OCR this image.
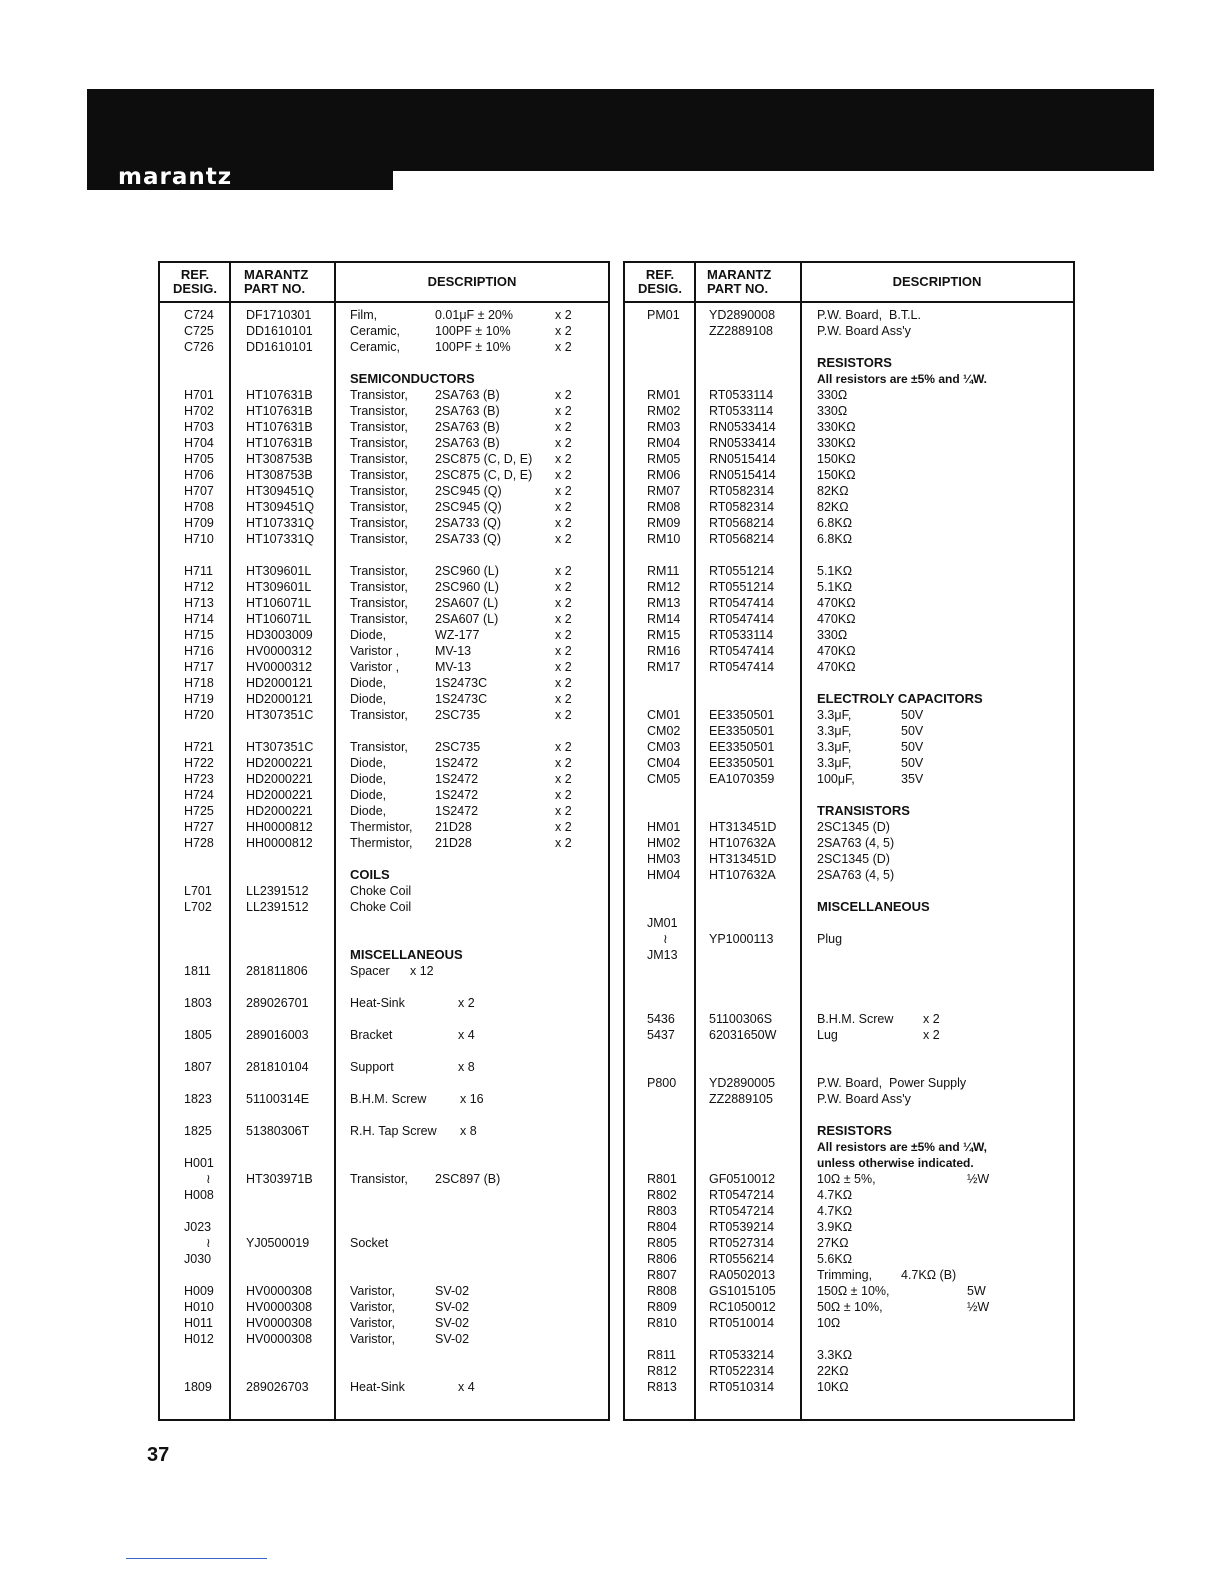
marantz
REF.
DESIG.
MARANTZ
PART NO.	DESCRIPTION
C724	DF1710301	Film,	0.01μF ± 20%	x 2
C725	DD1610101	Ceramic,	100PF ± 10%	x 2
C726	DD1610101	Ceramic,	100PF ± 10%	x 2
SEMICONDUCTORS
H701	HT107631B	Transistor, 2SA763 (B)	x 2
H702	HT107631B	Transistor, 2SA763 (B)	x 2
H703	HT107631B	Transistor, 2SA763 (B)	x 2
H704	HT107631B	Transistor, 2SA763 (B)	x 2
H705	HT308753B	Transistor, 2SC875 (C, D, E) x 2
H706	HT308753B	Transistor, 2SC875 (C, D, E) x 2
H707	HT309451Q	Transistor, 2SC945 (Q)	x 2
H708	HT309451Q	Transistor, 2SC945 (Q)	x 2
H709	HT107331Q	Transistor, 2SA733 (Q)	x 2
H710	HT107331Q	Transistor, 2SA733 (Q)	x 2
H711	HT309601L	Transistor, 2SC960 (L)	x 2
H712	HT309601L	Transistor, 2SC960 (L)	x 2
H713	HT106071L	Transistor, 2SA607 (L)	x 2
H714	HT106071L	Transistor, 2SA607 (L)	x 2
H715	HD3003009	Diode,	WZ-177	x 2
H716	HV0000312	Varistor ,	MV-13	x 2
H717	HV0000312	Varistor ,	MV-13	x 2
H718	HD2000121	Diode,	1S2473C	x 2
H719	HD2000121	Diode,	1S2473C	x 2
H720	HT307351C	Transistor, 2SC735	x 2
H721	HT307351C	Transistor, 2SC735	x 2
H722	HD2000221	Diode,	1S2472	x 2
H723	HD2000221	Diode,	1S2472	x 2
H724	HD2000221	Diode,	1S2472	x 2
H725	HD2000221	Diode,	1S2472	x 2
H727	HH0000812	Thermistor, 21D28	x 2
H728	HH0000812	Thermistor, 21D28	x 2
COILS
L701	LL2391512	Choke Coil
L702	LL2391512	Choke Coil
MISCELLANEOUS
1811	281811806	Spacer x 12
1803	289026701	Heat-Sink	x 2
1805	289016003	Bracket	x 4
1807	281810104	Support	x 8
1823	51100314E	B.H.M. Screw	x 16
1825	51380306T	R.H. Tap Screw x 8
H001
≀	HT303971B	Transistor, 2SC897 (B)
H008
J023
≀	YJ0500019	Socket
J030
H009	HV0000308	Varistor,	SV-02
H010	HV0000308	Varistor,	SV-02
H011	HV0000308	Varistor,	SV-02
H012	HV0000308	Varistor,	SV-02
1809	289026703	Heat-Sink	x 4
REF.
DESIG.
MARANTZ
PART NO.	DESCRIPTION
PM01 YD2890008	P.W. Board,  B.T.L.
ZZ2889108	P.W. Board Ass'y
RESISTORS
All resistors are ±5% and ¼W.
RM01 RT0533114	330Ω
RM02 RT0533114	330Ω
RM03 RN0533414	330KΩ
RM04 RN0533414	330KΩ
RM05 RN0515414	150KΩ
RM06 RN0515414	150KΩ
RM07 RT0582314	82KΩ
RM08 RT0582314	82KΩ
RM09 RT0568214	6.8KΩ
RM10 RT0568214	6.8KΩ
RM11 RT0551214	5.1KΩ
RM12 RT0551214	5.1KΩ
RM13 RT0547414	470KΩ
RM14 RT0547414	470KΩ
RM15 RT0533114	330Ω
RM16 RT0547414	470KΩ
RM17 RT0547414	470KΩ
ELECTROLY CAPACITORS
CM01 EE3350501	3.3μF,	50V
CM02 EE3350501	3.3μF,	50V
CM03 EE3350501	3.3μF,	50V
CM04 EE3350501	3.3μF,	50V
CM05 EA1070359	100μF,	35V
TRANSISTORS
HM01 HT313451D	2SC1345 (D)
HM02 HT107632A	2SA763 (4, 5)
HM03 HT313451D	2SC1345 (D)
HM04 HT107632A	2SA763 (4, 5)
MISCELLANEOUS
JM01
≀	YP1000113	Plug
JM13
5436	51100306S	B.H.M. Screw x 2
5437	62031650W	Lug	x 2
P800	YD2890005	P.W. Board,  Power Supply
ZZ2889105	P.W. Board Ass'y
RESISTORS
All resistors are ±5% and ¼W,
unless otherwise indicated.
R801	GF0510012	10Ω ± 5%,	½W
R802	RT0547214	4.7KΩ
R803	RT0547214	4.7KΩ
R804	RT0539214	3.9KΩ
R805	RT0527314	27KΩ
R806	RT0556214	5.6KΩ
R807	RA0502013	Trimming, 4.7KΩ (B)
R808	GS1015105	150Ω ± 10%,	5W
R809	RC1050012	50Ω ± 10%,	½W
R810	RT0510014	10Ω
R811	RT0533214	3.3KΩ
R812	RT0522314	22KΩ
R813	RT0510314	10KΩ
37
